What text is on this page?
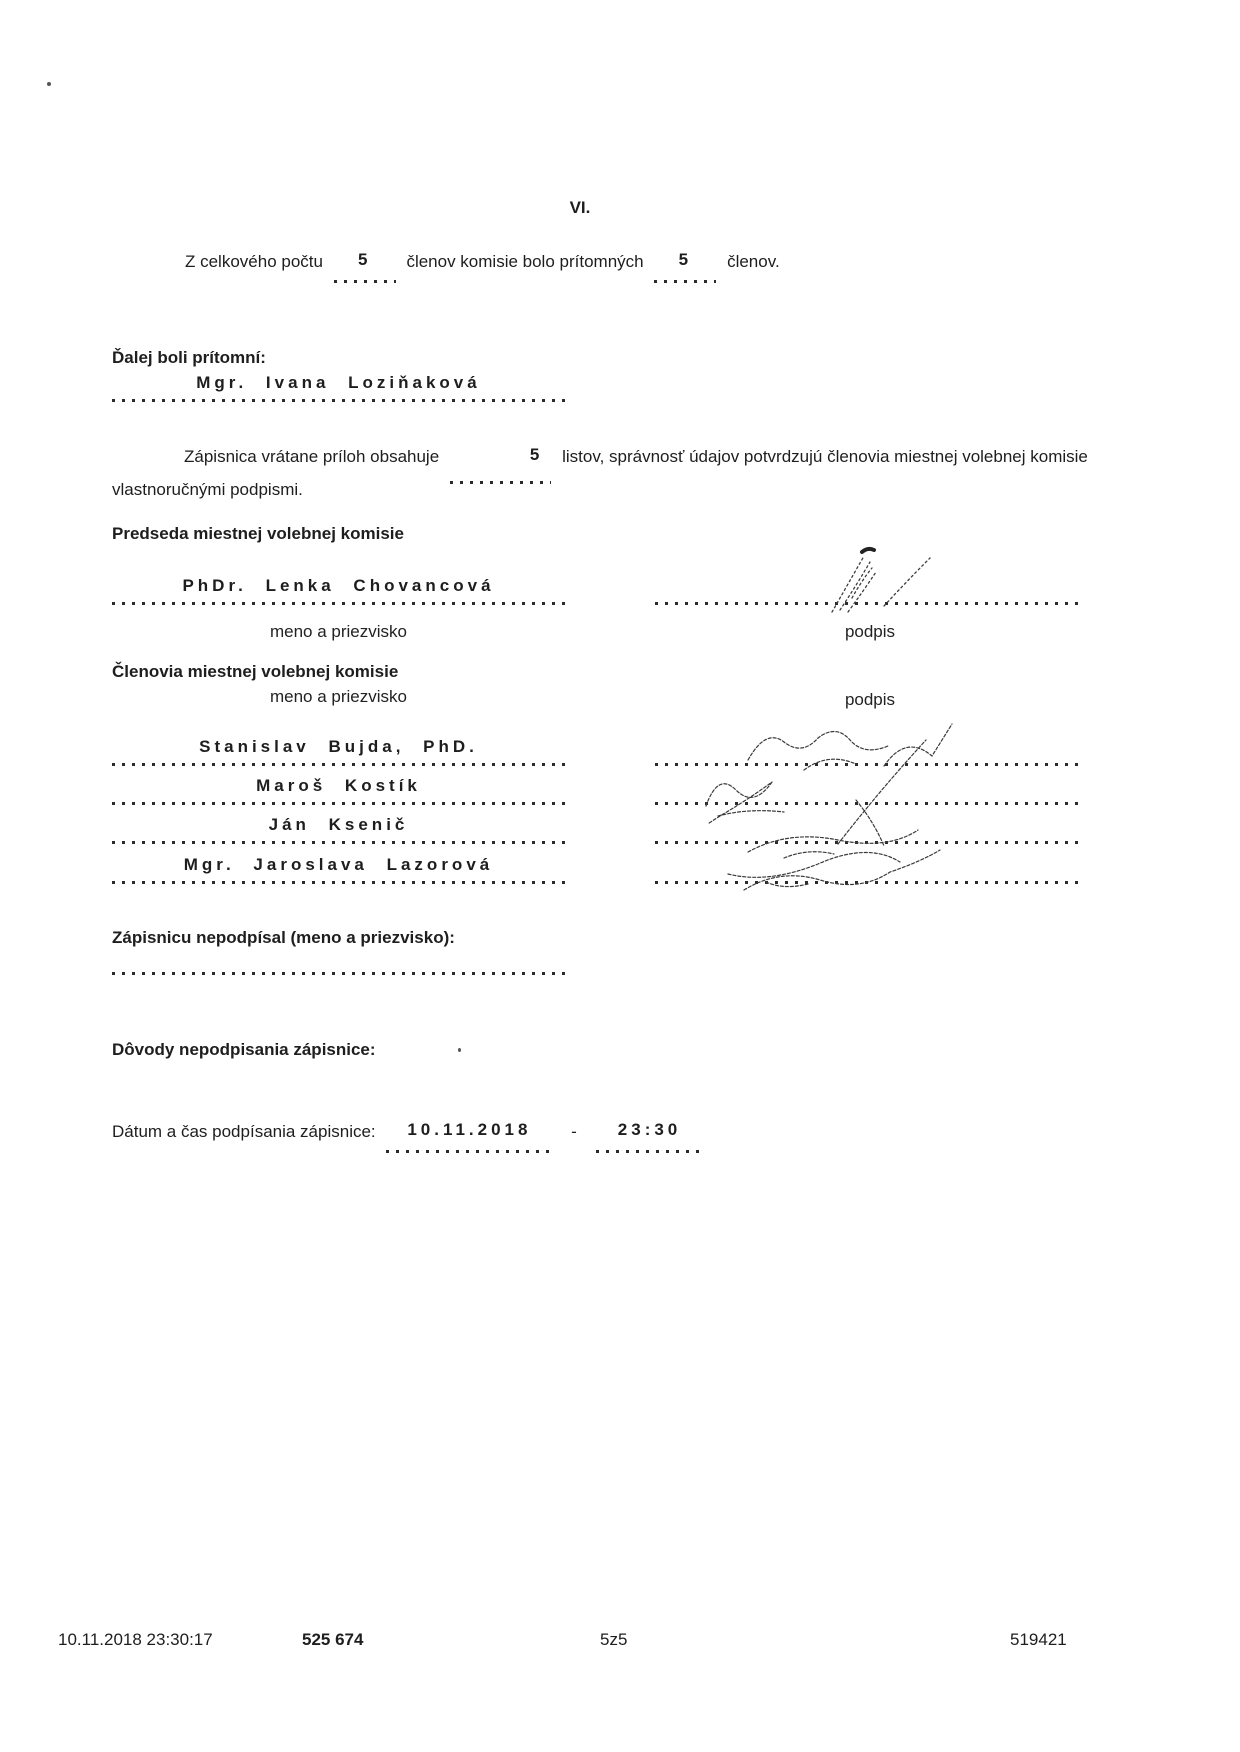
VI.
Z celkového počtu 5 členov komisie bolo prítomných 5 členov.
Ďalej boli prítomní:
Mgr. Ivana Loziňaková
Zápisnica vrátane príloh obsahuje	5 listov, správnosť údajov potvrdzujú členovia miestnej volebnej komisie vlastnoručnými podpismi.
Predseda miestnej volebnej komisie
PhDr. Lenka Chovancová
meno a priezvisko	podpis
Členovia miestnej volebnej komisie
meno a priezvisko	podpis
Stanislav Bujda, PhD.
Maroš Kostík
Ján Ksenič
Mgr. Jaroslava Lazorová
Zápisnicu nepodpísal (meno a priezvisko):
Dôvody nepodpisania zápisnice:
Dátum a čas podpísania zápisnice: 10.11.2018 - 23:30
10.11.2018 23:30:17	525 674	5z5	519421
